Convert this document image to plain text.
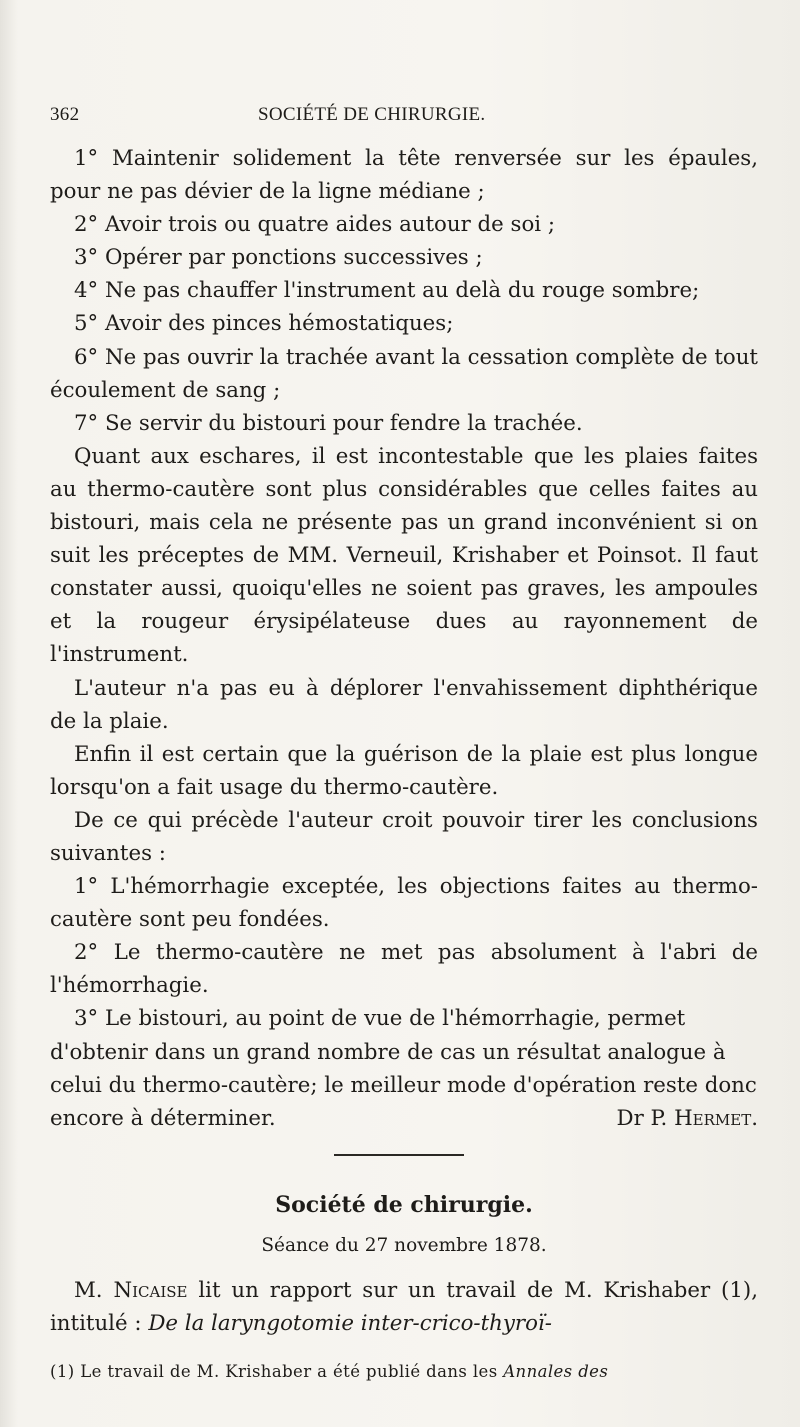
362	SOCIÉTÉ DE CHIRURGIE.

1° Maintenir solidement la tête renversée sur les épaules, pour ne pas dévier de la ligne médiane ;

2° Avoir trois ou quatre aides autour de soi ;

3° Opérer par ponctions successives ;

4° Ne pas chauffer l'instrument au delà du rouge sombre;

5° Avoir des pinces hémostatiques;

6° Ne pas ouvrir la trachée avant la cessation complète de tout écoulement de sang ;

7° Se servir du bistouri pour fendre la trachée.

Quant aux eschares, il est incontestable que les plaies faites au thermo-cautère sont plus considérables que celles faites au bistouri, mais cela ne présente pas un grand inconvénient si on suit les préceptes de MM. Verneuil, Krishaber et Poinsot. Il faut constater aussi, quoiqu'elles ne soient pas graves, les ampoules et la rougeur érysipélateuse dues au rayonnement de l'instrument.

L'auteur n'a pas eu à déplorer l'envahissement diphthérique de la plaie.

Enfin il est certain que la guérison de la plaie est plus longue lorsqu'on a fait usage du thermo-cautère.

De ce qui précède l'auteur croit pouvoir tirer les conclusions suivantes :

1° L'hémorrhagie exceptée, les objections faites au thermo-cautère sont peu fondées.

2° Le thermo-cautère ne met pas absolument à l'abri de l'hémorrhagie.

3° Le bistouri, au point de vue de l'hémorrhagie, permet d'obtenir dans un grand nombre de cas un résultat analogue à celui du thermo-cautère; le meilleur mode d'opération reste donc encore à déterminer.	Dr P. Hermet.

Société de chirurgie.
Séance du 27 novembre 1878.

M. Nicaise lit un rapport sur un travail de M. Krishaber (1), intitulé : De la laryngotomie inter-crico-thyroï-

(1) Le travail de M. Krishaber a été publié dans les Annales des
